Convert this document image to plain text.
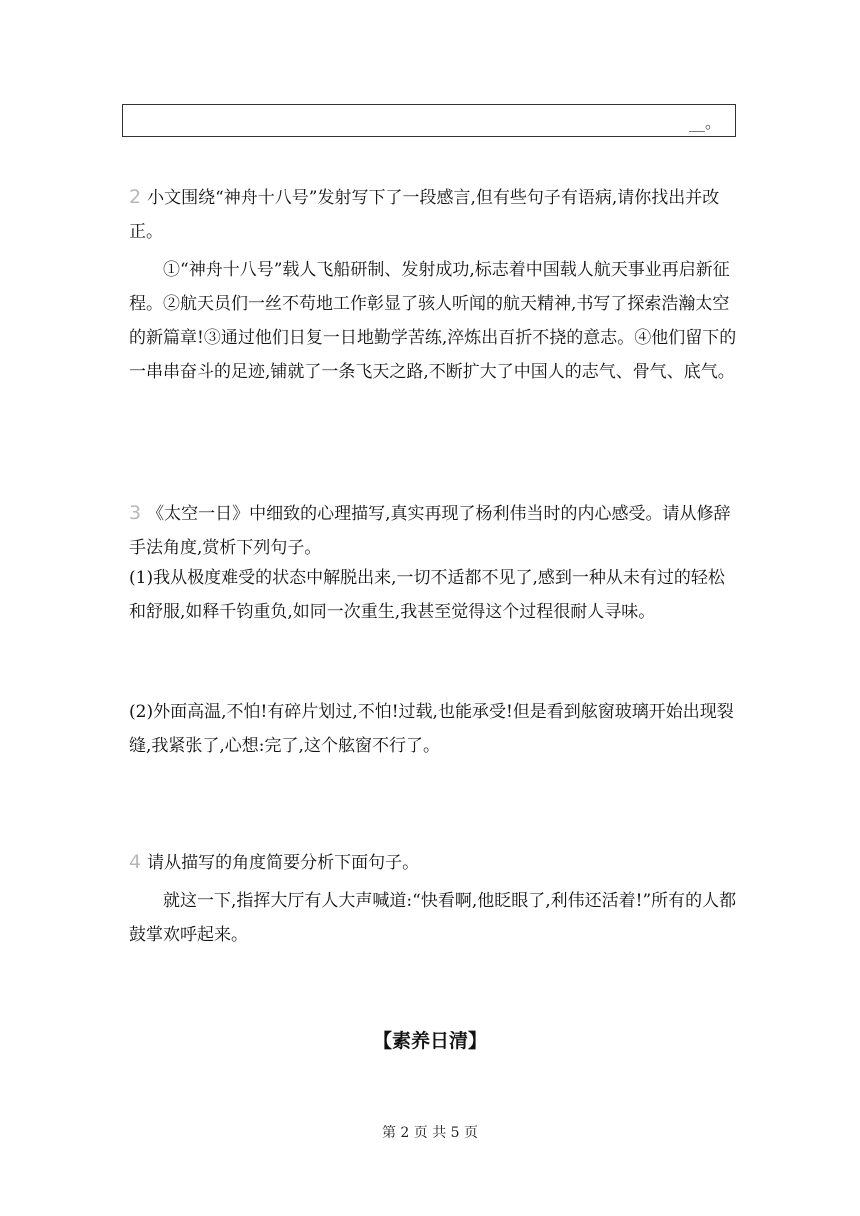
__。

2 小文围绕“神舟十八号”发射写下了一段感言,但有些句子有语病,请你找出并改正。

①“神舟十八号”载人飞船研制、发射成功,标志着中国载人航天事业再启新征程。②航天员们一丝不苟地工作彰显了骇人听闻的航天精神,书写了探索浩瀚太空的新篇章!③通过他们日复一日地勤学苦练,淬炼出百折不挠的意志。④他们留下的一串串奋斗的足迹,铺就了一条飞天之路,不断扩大了中国人的志气、骨气、底气。

3 《太空一日》中细致的心理描写,真实再现了杨利伟当时的内心感受。请从修辞手法角度,赏析下列句子。

(1)我从极度难受的状态中解脱出来,一切不适都不见了,感到一种从未有过的轻松和舒服,如释千钧重负,如同一次重生,我甚至觉得这个过程很耐人寻味。

(2)外面高温,不怕!有碎片划过,不怕!过载,也能承受!但是看到舷窗玻璃开始出现裂缝,我紧张了,心想:完了,这个舷窗不行了。

4 请从描写的角度简要分析下面句子。

就这一下,指挥大厅有人大声喊道:“快看啊,他眨眼了,利伟还活着!”所有的人都鼓掌欢呼起来。

【素养日清】
第 2 页 共 5 页
